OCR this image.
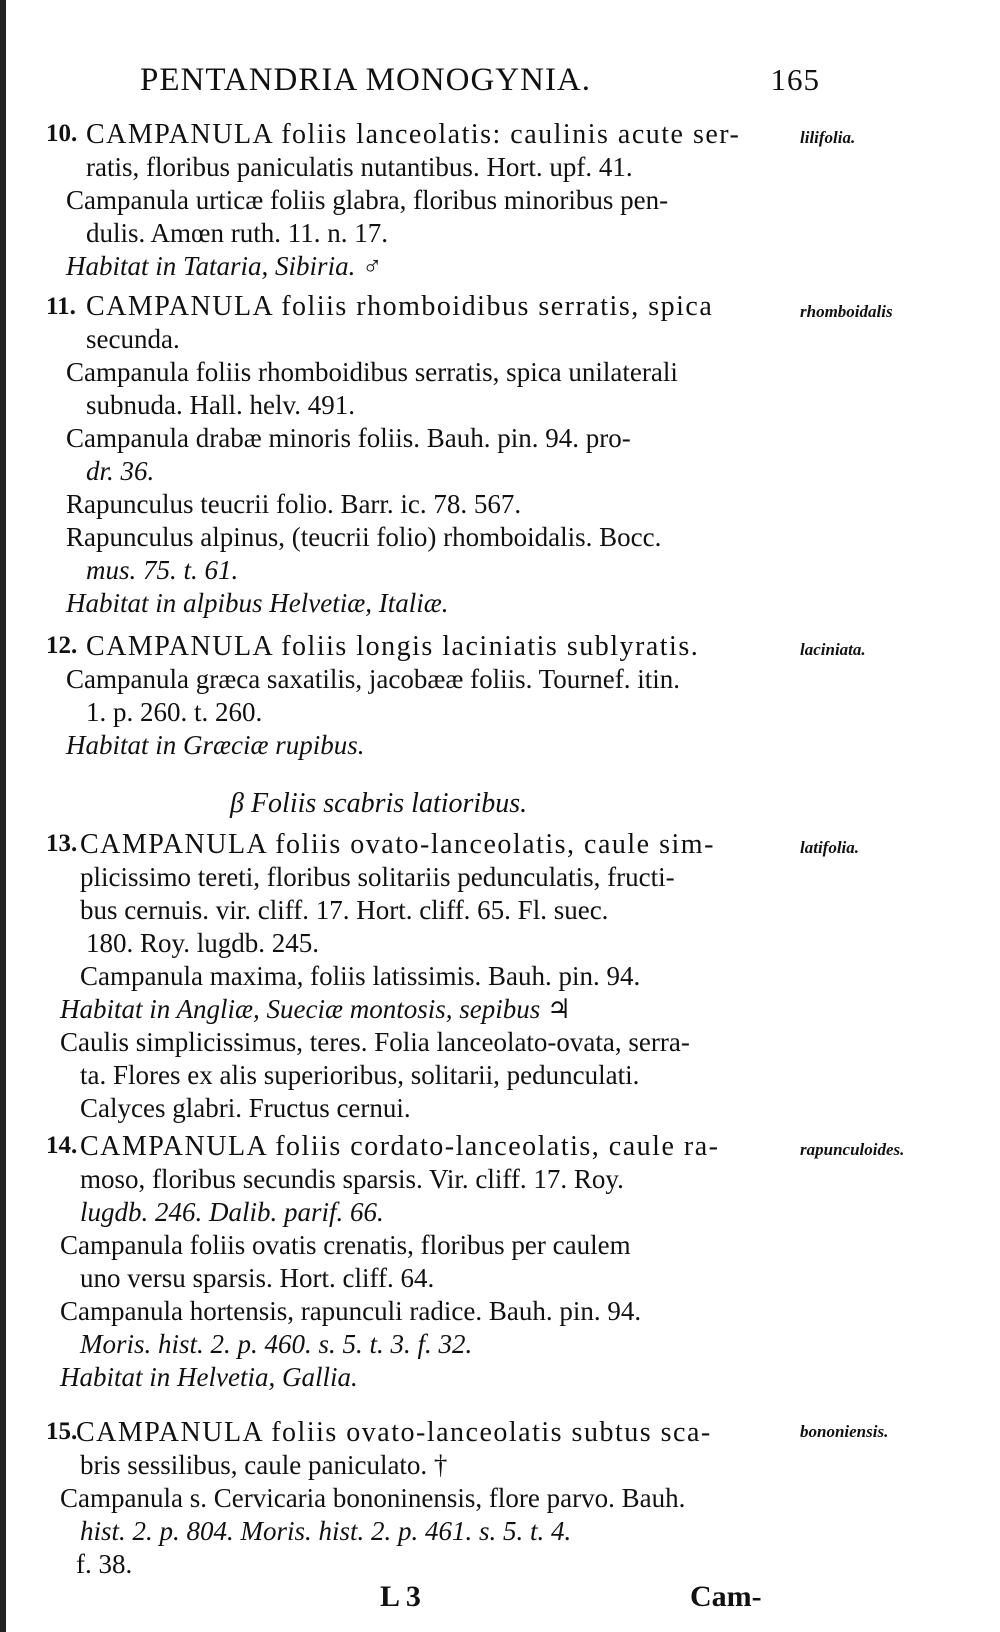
PENTANDRIA MONOGYNIA.	165
10.	lilifolia.
CAMPANULA foliis lanceolatis: caulinis acute ser-
ratis, floribus paniculatis nutantibus. Hort. upf. 41.
Campanula urticæ foliis glabra, floribus minoribus pen-
dulis. Amœn ruth. 11. n. 17.
Habitat in Tataria, Sibiria. ♂
11.	rhomboidalis
CAMPANULA foliis rhomboidibus serratis, spica
secunda.
Campanula foliis rhomboidibus serratis, spica unilaterali
subnuda. Hall. helv. 491.
Campanula drabæ minoris foliis. Bauh. pin. 94. pro-
dr. 36.
Rapunculus teucrii folio. Barr. ic. 78. 567.
Rapunculus alpinus, (teucrii folio) rhomboidalis. Bocc.
mus. 75. t. 61.
Habitat in alpibus Helvetiæ, Italiæ.
12.	laciniata.
CAMPANULA foliis longis laciniatis sublyratis.
Campanula græca saxatilis, jacobææ foliis. Tournef. itin.
1. p. 260. t. 260.
Habitat in Græciæ rupibus.
β Foliis scabris latioribus.
13.	latifolia.
CAMPANULA foliis ovato-lanceolatis, caule sim-
plicissimo tereti, floribus solitariis pedunculatis, fructi-
bus cernuis. vir. cliff. 17. Hort. cliff. 65. Fl. suec.
180. Roy. lugdb. 245.
Campanula maxima, foliis latissimis. Bauh. pin. 94.
Habitat in Angliæ, Sueciæ montosis, sepibus ♃
Caulis simplicissimus, teres. Folia lanceolato-ovata, serra-
ta. Flores ex alis superioribus, solitarii, pedunculati.
Calyces glabri. Fructus cernui.
14.	rapunculoides.
CAMPANULA foliis cordato-lanceolatis, caule ra-
moso, floribus secundis sparsis. Vir. cliff. 17. Roy.
lugdb. 246. Dalib. parif. 66.
Campanula foliis ovatis crenatis, floribus per caulem
uno versu sparsis. Hort. cliff. 64.
Campanula hortensis, rapunculi radice. Bauh. pin. 94.
Moris. hist. 2. p. 460. s. 5. t. 3. f. 32.
Habitat in Helvetia, Gallia.
15.	bononiensis.
CAMPANULA foliis ovato-lanceolatis subtus sca-
bris sessilibus, caule paniculato. †
Campanula s. Cervicaria bononinensis, flore parvo. Bauh.
hist. 2. p. 804. Moris. hist. 2. p. 461. s. 5. t. 4.
f. 38.
L 3	Cam-
